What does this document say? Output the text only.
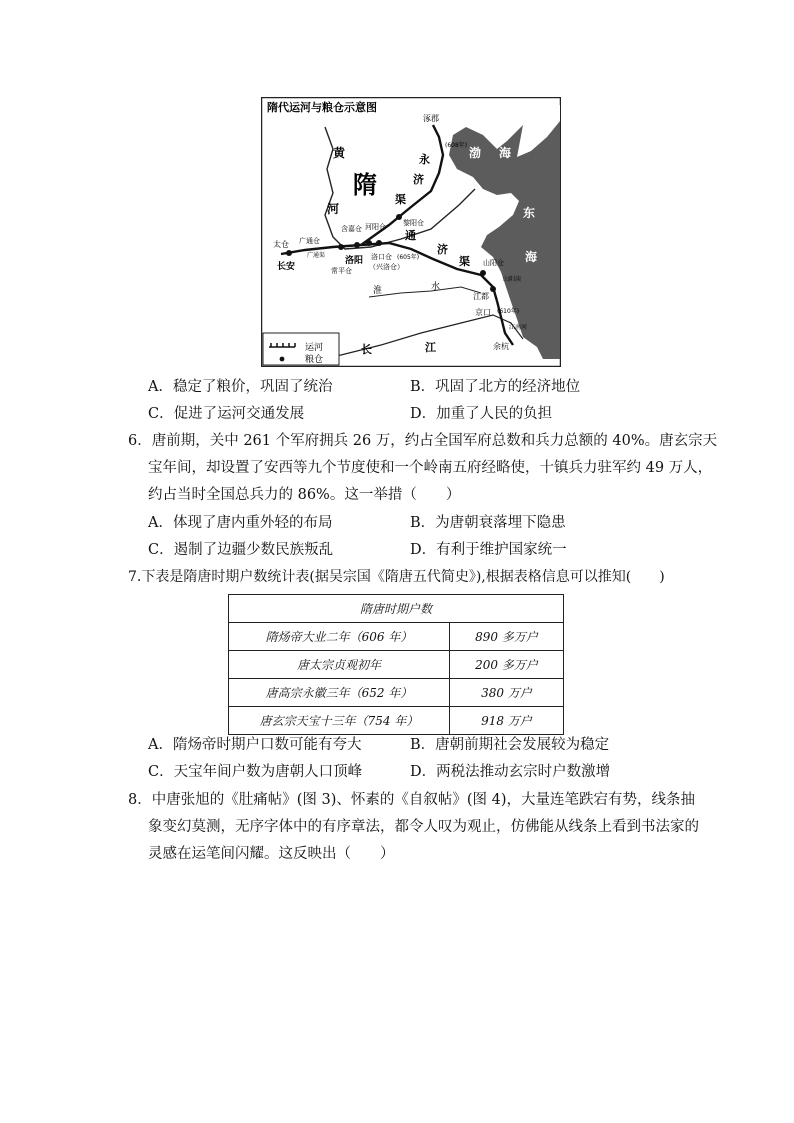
隋代运河与粮仓示意图
隋
渤 海
东
海
黄
河
永
济
渠
通
济
渠
淮	水
长	江
涿郡
长安
洛阳
江都
京口
余杭
太仓 广通仓
含嘉仓 河阳仓 黎阳仓
常平仓
洛口仓
（兴洛仓）	山阳仓
广通渠
山阳渎
江南河
(605年)
(608年)
(610年)
运河
粮仓
A．稳定了粮价，巩固了统治	B．巩固了北方的经济地位
C．促进了运河交通发展	D．加重了人民的负担
6．唐前期，关中 261 个军府拥兵 26 万，约占全国军府总数和兵力总额的 40%。唐玄宗天
宝年间，却设置了安西等九个节度使和一个岭南五府经略使，十镇兵力驻军约 49 万人，
约占当时全国总兵力的 86%。这一举措（　　）
A．体现了唐内重外轻的布局	B．为唐朝衰落埋下隐患
C．遏制了边疆少数民族叛乱	D．有利于维护国家统一
7.下表是隋唐时期户数统计表(据吴宗国《隋唐五代简史》),根据表格信息可以推知(　　)
隋唐时期户数	
隋炀帝大业二年（606 年）	890 多万户
唐太宗贞观初年	200 多万户
唐高宗永徽三年（652 年）	380 万户
唐玄宗天宝十三年（754 年）	918 万户
A．隋炀帝时期户口数可能有夸大	B．唐朝前期社会发展较为稳定
C．天宝年间户数为唐朝人口顶峰	D．两税法推动玄宗时户数激增
8．中唐张旭的《肚痛帖》(图 3)、怀素的《自叙帖》(图 4)，大量连笔跌宕有势，线条抽
象变幻莫测，无序字体中的有序章法，都令人叹为观止，仿佛能从线条上看到书法家的
灵感在运笔间闪耀。这反映出（　　）
